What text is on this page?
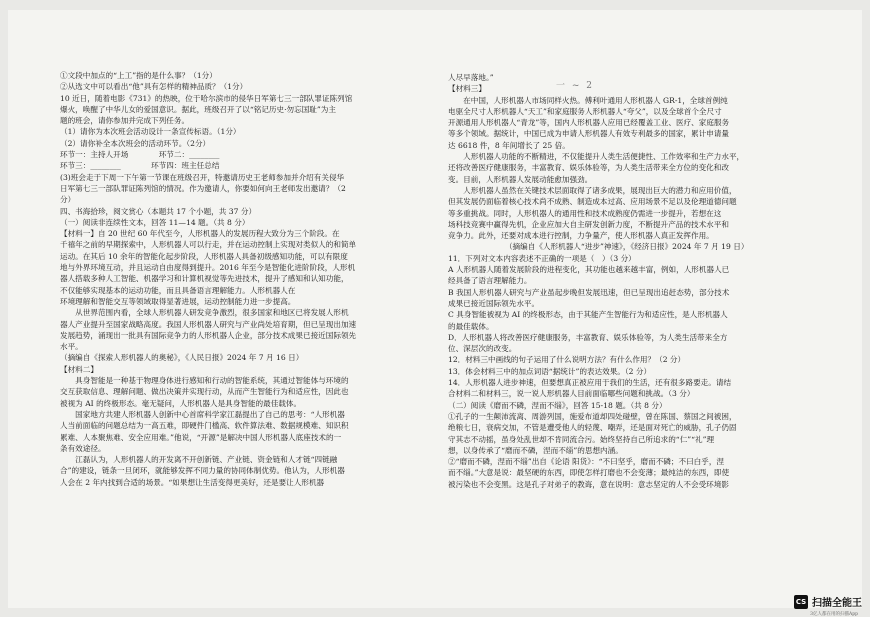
一 ~ 2
①文段中加点的“上工”指的是什么事？（1分）
②从选文中可以看出“他”具有怎样的精神品质？（1分）
10 近日，随着电影《731》的热映，位于哈尔滨市的侵华日军第七三一部队罪证陈列馆
爆火，唤醒了中华儿女的爱国意识。据此，班级召开了以“铭记历史·勿忘国耻”为主
题的班会，请你参加并完成下列任务。
（1）请你为本次班会活动设计一条宣传标语。（1分）
（2）请你补全本次班会的活动环节。（2分）
环节一：主持人开场　　　　环节二：________
环节三：________　　　　环节四：班主任总结
(3)班会走于下周一下午第一节课在班级召开，特邀请历史王老师参加并介绍有关侵华
日军第七三一部队罪证陈列馆的情况。作为邀请人，你要如何向王老师发出邀请？（2
分）
四、书海拾珍，阅文赏心（本题共 17 个小题，共 37 分）
（一）阅读非连续性文本，回答 11—14 题。（共 8 分）
【材料一】自 20 世纪 60 年代至今，人形机器人的发展历程大致分为三个阶段。在
千禧年之前的早期探索中，人形机器人可以行走，并在运动控制上实现对类似人的和简单
运动。在其后 10 余年的智能化起步阶段，人形机器人具备初级感知功能，可以有限度
地与外界环境互动，并且运动自由度得到提升。2016 年至今是智能化进阶阶段，人形机
器人搭载多种人工智能、机器学习和计算机视觉等先进技术，提升了感知和认知功能，
不仅能够实现基本的运动功能，而且具备语言理解能力。人形机器人在
环境理解和智能交互等领域取得显著进展，运动控制能力进一步提高。
　　从世界范围内看，全球人形机器人研发竞争激烈，很多国家和地区已将发展人形机
器人产业提升至国家战略高度。我国人形机器人研究与产业尚处培育期，但已呈现出加速
发展趋势，涌现出一批具有国际竞争力的人形机器人企业，部分技术成果已接近国际领先
水平。
（摘编自《探索人形机器人的奥秘》，《人民日报》2024 年 7 月 16 日）
【材料二】
　　具身智能是一种基于物理身体进行感知和行动的智能系统，其通过智能体与环境的
交互获取信息、理解问题、做出决策并实现行动，从而产生智能行为和适应性，因此也
被视为 AI 的终极形态。毫无疑问，人形机器人是具身智能的最佳载体。
　　国家地方共建人形机器人创新中心首席科学家江磊提出了自己的思考：“人形机器
人当前面临的问题总结为一高五难，即硬件门槛高、软件算法难、数据规模难、知识积
累难、人本聚焦难、安全应用难。”他说，“开源”是解决中国人形机器人底座技术的一
条有效途径。
　　江磊认为，人形机器人的开发离不开创新链、产业链、资金链和人才链“四链融
合”的建设，链条一旦闭环，就能够发挥不同力量的协同体制优势。他认为，人形机器
人会在 2 年内找到合适的场景。“如果想让生活变得更美好，还是要让人形机器
人尽早落地。”
【材料三】
　　在中国，人形机器人市场同样火热。傅利叶通用人形机器人 GR-1，全球首例纯
电驱全尺寸人形机器人“天工”和家庭服务人形机器人“夸父”，以及全球首个全尺寸
开源通用人形机器人“青龙”等，国内人形机器人应用已经覆盖工业、医疗、家庭服务
等多个领域。据统计，中国已成为申请人形机器人有效专利最多的国家，累计申请量
达 6618 件，8 年间增长了 25 倍。
　　人形机器人功能的不断精进，不仅能提升人类生活便捷性、工作效率和生产力水平，
还将改善医疗健康服务，丰富教育、娱乐体验等，为人类生活带来全方位的变化和改
变。目前，人形机器人发展动能愈加强劲。
　　人形机器人虽然在关键技术层面取得了诸多成果，展现出巨大的潜力和应用价值，
但其发展仍面临着核心技术尚不成熟、制造成本过高、应用场景不足以及伦理道德问题
等多重挑战。同时，人形机器人的通用性和技术成熟度仍需进一步提升，若想在这
场科技竞赛中赢得先机，企业应加大自主研发创新力度，不断提升产品的技术水平和
竞争力。此外，还要对成本进行控制，力争量产，使人形机器人真正发挥作用。
　　　　　　　　（摘编自《人形机器人“进步”神速》，《经济日报》2024 年 7 月 19 日）
11．下列对文本内容表述不正确的一项是（　）（3 分）
A 人形机器人随着发展阶段的进程变化，其功能也越来越丰富，例如，人形机器人已
经具备了语言理解能力。
B 我国人形机器人研究与产业虽起步晚但发展迅速，但已呈现出追赶态势，部分技术
成果已接近国际领先水平。
C 具身智能被视为 AI 的终极形态，由于其能产生智能行为和适应性，是人形机器人
的最佳载体。
D．人形机器人将改善医疗健康服务，丰富教育、娱乐体验等，为人类生活带来全方
位、深层次的改变。
12．材料三中画线的句子运用了什么说明方法？有什么作用？（2 分）
13．体会材料三中的加点词语“据统计”的表达效果。（2 分）
14．人形机器人进步神速，但要想真正被应用于我们的生活，还有很多路要走。请结
合材料二和材料三，说一说人形机器人目前面临哪些问题和挑战。（3 分）
（二）阅读《磨而不磷，涅而不缁》，回答 15-18 题。（共 8 分）
①孔子的一生颠沛流离、周游列国，施爱布道却四处碰壁，曾在陈国、蔡国之间被困，
绝粮七日，衰病交加，不管是遭受他人的轻蔑、嘲弄，还是面对死亡的威胁，孔子仍固
守其志不动摇，虽身处乱世却不肯同流合污。始终坚持自己所追求的“仁”“礼”理
想，以身传承了“磨而不磷，涅而不缁”的思想内涵。
②“磨而不磷，涅而不缁”出自《论语 阳货》：“不曰坚乎，磨而不磷；不曰白乎，涅
而不缁。”大意是说：最坚硬的东西，即使怎样打磨也不会变薄；最纯洁的东西，即使
被污染也不会变黑。这是孔子对弟子的教诲，意在说明：意志坚定的人不会受环境影
CS 扫描全能王
3亿人都在用的扫描App
